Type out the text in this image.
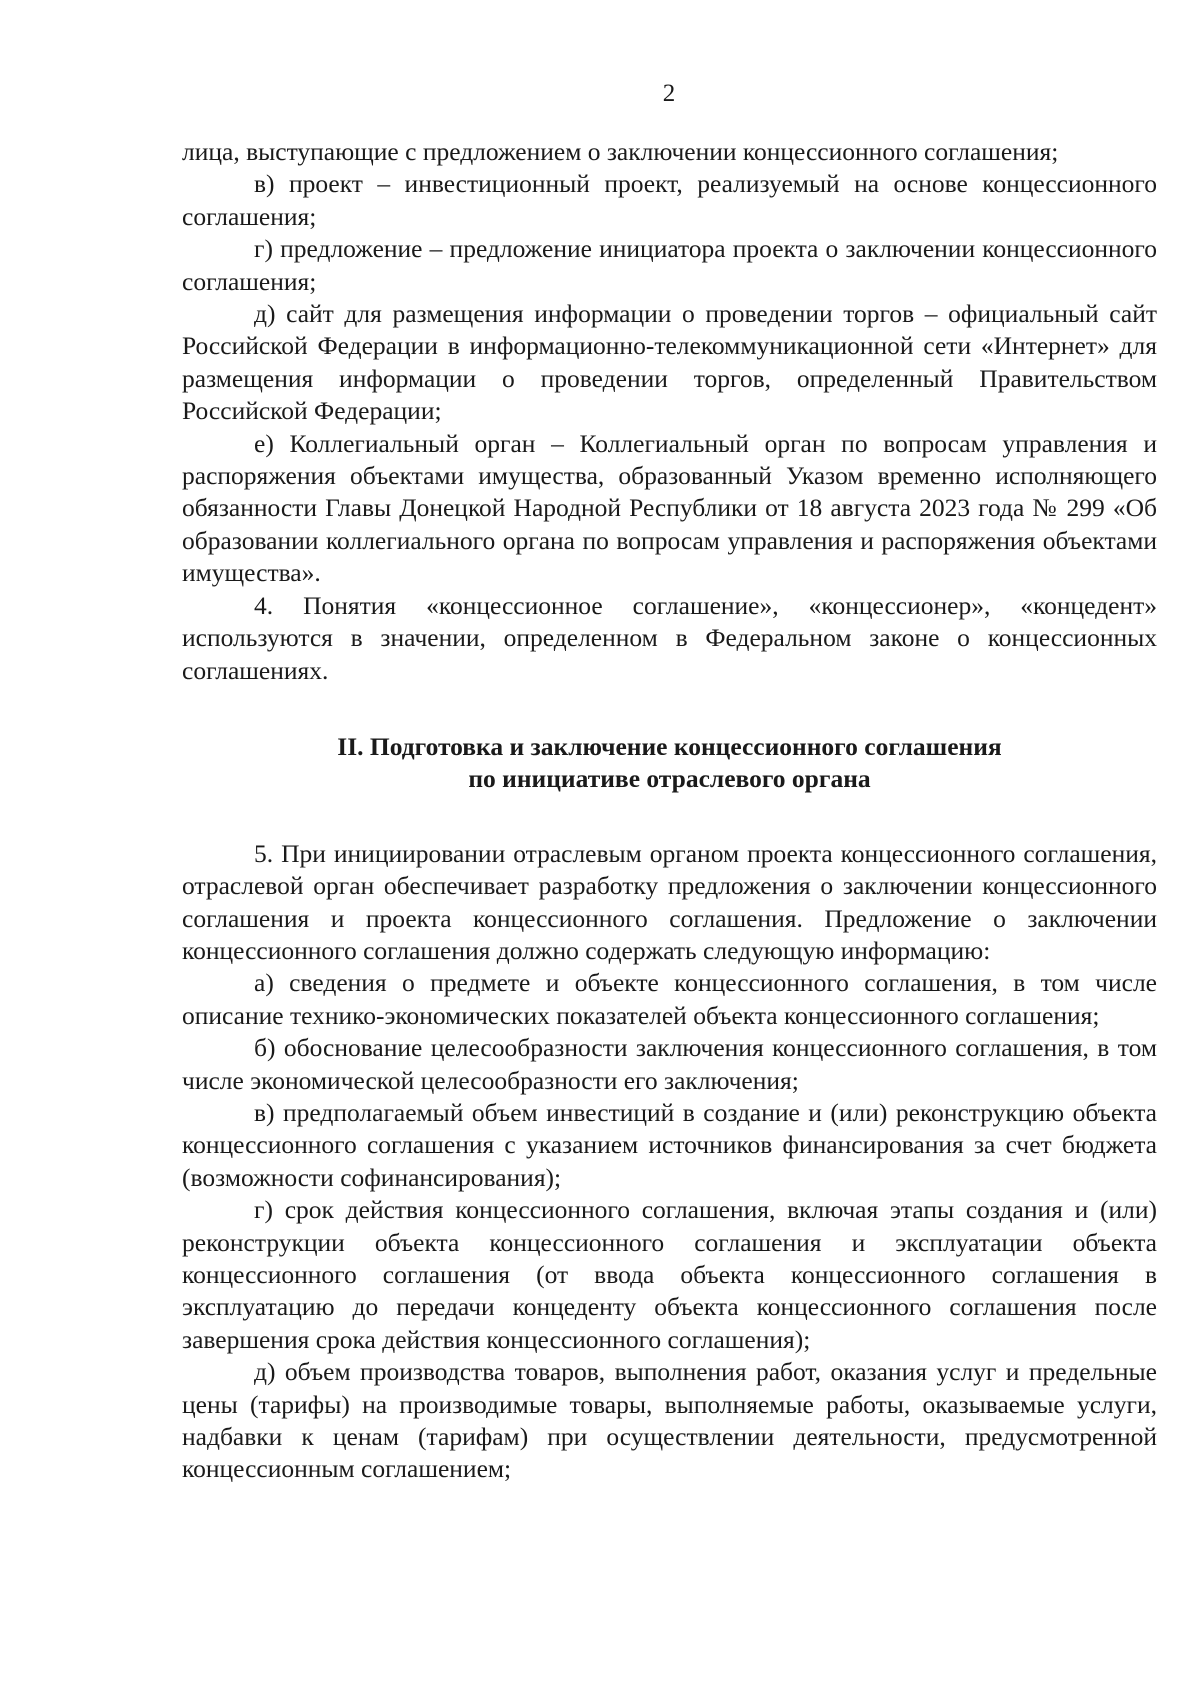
2

лица, выступающие с предложением о заключении концессионного соглашения;

в) проект – инвестиционный проект, реализуемый на основе концессионного соглашения;

г) предложение – предложение инициатора проекта о заключении концессионного соглашения;

д) сайт для размещения информации о проведении торгов – официальный сайт Российской Федерации в информационно-телекоммуникационной сети «Интернет» для размещения информации о проведении торгов, определенный Правительством Российской Федерации;

е) Коллегиальный орган – Коллегиальный орган по вопросам управления и распоряжения объектами имущества, образованный Указом временно исполняющего обязанности Главы Донецкой Народной Республики от 18 августа 2023 года № 299 «Об образовании коллегиального органа по вопросам управления и распоряжения объектами имущества».

4. Понятия «концессионное соглашение», «концессионер», «концедент» используются в значении, определенном в Федеральном законе о концессионных соглашениях.

II. Подготовка и заключение концессионного соглашения
по инициативе отраслевого органа

5. При инициировании отраслевым органом проекта концессионного соглашения, отраслевой орган обеспечивает разработку предложения о заключении концессионного соглашения и проекта концессионного соглашения. Предложение о заключении концессионного соглашения должно содержать следующую информацию:

а) сведения о предмете и объекте концессионного соглашения, в том числе описание технико-экономических показателей объекта концессионного соглашения;

б) обоснование целесообразности заключения концессионного соглашения, в том числе экономической целесообразности его заключения;

в) предполагаемый объем инвестиций в создание и (или) реконструкцию объекта концессионного соглашения с указанием источников финансирования за счет бюджета (возможности софинансирования);

г) срок действия концессионного соглашения, включая этапы создания и (или) реконструкции объекта концессионного соглашения и эксплуатации объекта концессионного соглашения (от ввода объекта концессионного соглашения в эксплуатацию до передачи концеденту объекта концессионного соглашения после завершения срока действия концессионного соглашения);

д) объем производства товаров, выполнения работ, оказания услуг и предельные цены (тарифы) на производимые товары, выполняемые работы, оказываемые услуги, надбавки к ценам (тарифам) при осуществлении деятельности, предусмотренной концессионным соглашением;
